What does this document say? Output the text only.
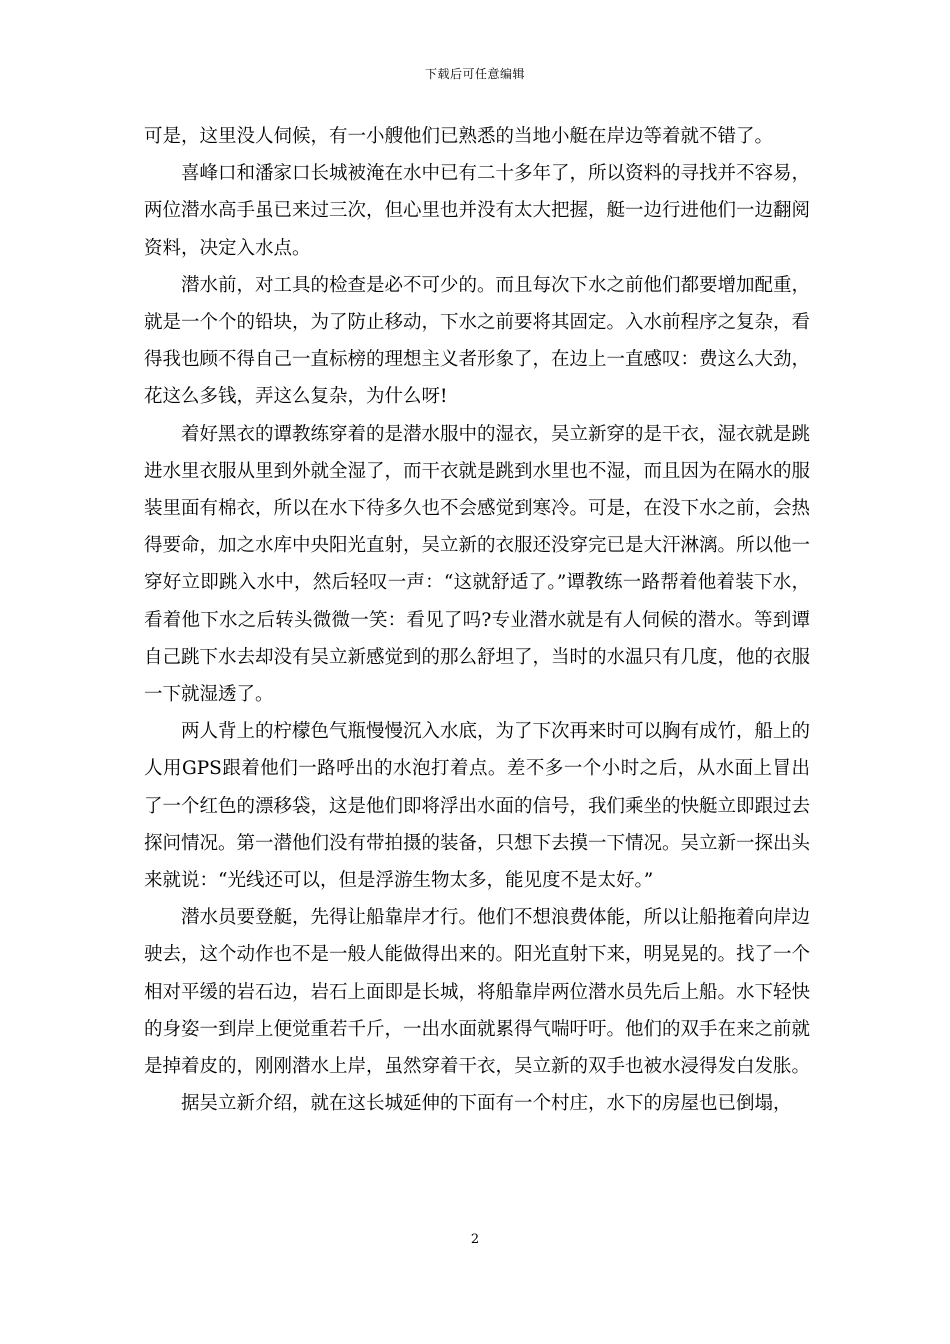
下载后可任意编辑

可是，这里没人伺候，有一小艘他们已熟悉的当地小艇在岸边等着就不错了。

喜峰口和潘家口长城被淹在水中已有二十多年了，所以资料的寻找并不容易，两位潜水高手虽已来过三次，但心里也并没有太大把握，艇一边行进他们一边翻阅资料，决定入水点。

潜水前，对工具的检查是必不可少的。而且每次下水之前他们都要增加配重，就是一个个的铅块，为了防止移动，下水之前要将其固定。入水前程序之复杂，看得我也顾不得自己一直标榜的理想主义者形象了，在边上一直感叹：费这么大劲，花这么多钱，弄这么复杂，为什么呀!

着好黑衣的谭教练穿着的是潜水服中的湿衣，吴立新穿的是干衣，湿衣就是跳进水里衣服从里到外就全湿了，而干衣就是跳到水里也不湿，而且因为在隔水的服装里面有棉衣，所以在水下待多久也不会感觉到寒冷。可是，在没下水之前，会热得要命，加之水库中央阳光直射，吴立新的衣服还没穿完已是大汗淋漓。所以他一穿好立即跳入水中，然后轻叹一声：“这就舒适了。”谭教练一路帮着他着装下水，看着他下水之后转头微微一笑：看见了吗?专业潜水就是有人伺候的潜水。等到谭自己跳下水去却没有吴立新感觉到的那么舒坦了，当时的水温只有几度，他的衣服一下就湿透了。

两人背上的柠檬色气瓶慢慢沉入水底，为了下次再来时可以胸有成竹，船上的人用GPS跟着他们一路呼出的水泡打着点。差不多一个小时之后，从水面上冒出了一个红色的漂移袋，这是他们即将浮出水面的信号，我们乘坐的快艇立即跟过去探问情况。第一潜他们没有带拍摄的装备，只想下去摸一下情况。吴立新一探出头来就说：“光线还可以，但是浮游生物太多，能见度不是太好。”

潜水员要登艇，先得让船靠岸才行。他们不想浪费体能，所以让船拖着向岸边驶去，这个动作也不是一般人能做得出来的。阳光直射下来，明晃晃的。找了一个相对平缓的岩石边，岩石上面即是长城，将船靠岸两位潜水员先后上船。水下轻快的身姿一到岸上便觉重若千斤，一出水面就累得气喘吁吁。他们的双手在来之前就是掉着皮的，刚刚潜水上岸，虽然穿着干衣，吴立新的双手也被水浸得发白发胀。

据吴立新介绍，就在这长城延伸的下面有一个村庄，水下的房屋也已倒塌，

2
